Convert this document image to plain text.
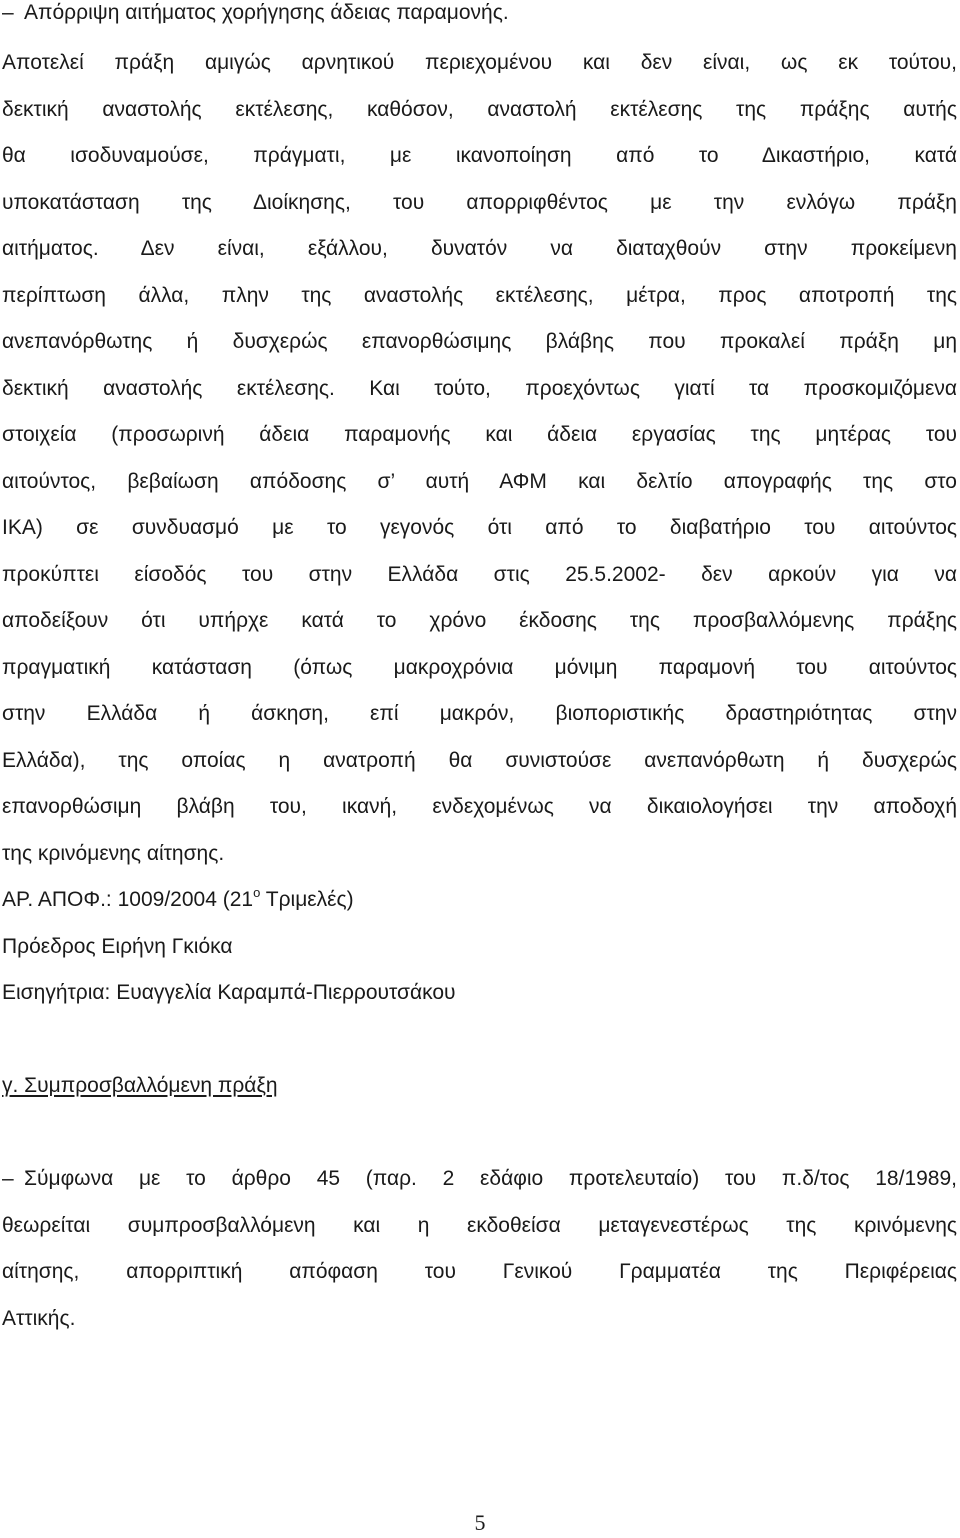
– Απόρριψη αιτήματος χορήγησης άδειας παραμονής.
Αποτελεί πράξη αμιγώς αρνητικού περιεχομένου και δεν είναι, ως εκ τούτου,
δεκτική αναστολής εκτέλεσης, καθόσον, αναστολή εκτέλεσης της πράξης αυτής
θα ισοδυναμούσε, πράγματι, με ικανοποίηση από το Δικαστήριο, κατά
υποκατάσταση της Διοίκησης, του απορριφθέντος με την ενλόγω πράξη
αιτήματος. Δεν είναι, εξάλλου, δυνατόν να διαταχθούν στην προκείμενη
περίπτωση άλλα, πλην της αναστολής εκτέλεσης, μέτρα, προς αποτροπή της
ανεπανόρθωτης ή δυσχερώς επανορθώσιμης βλάβης που προκαλεί πράξη μη
δεκτική αναστολής εκτέλεσης. Και τούτο, προεχόντως γιατί τα προσκομιζόμενα
στοιχεία (προσωρινή άδεια παραμονής και άδεια εργασίας της μητέρας του
αιτούντος, βεβαίωση απόδοσης σ’ αυτή ΑΦΜ και δελτίο απογραφής της στο
ΙΚΑ) σε συνδυασμό με το γεγονός ότι από το διαβατήριο του αιτούντος
προκύπτει είσοδός του στην Ελλάδα στις 25.5.2002- δεν αρκούν για να
αποδείξουν ότι υπήρχε κατά το χρόνο έκδοσης της προσβαλλόμενης πράξης
πραγματική κατάσταση (όπως μακροχρόνια μόνιμη παραμονή του αιτούντος
στην Ελλάδα ή άσκηση, επί μακρόν, βιοποριστικής δραστηριότητας στην
Ελλάδα), της οποίας η ανατροπή θα συνιστούσε ανεπανόρθωτη ή δυσχερώς
επανορθώσιμη βλάβη του, ικανή, ενδεχομένως να δικαιολογήσει την αποδοχή
της κρινόμενης αίτησης.
ΑΡ. ΑΠΟΦ.: 1009/2004 ($21^o$ Τριμελές)
Πρόεδρος Ειρήνη Γκιόκα
Εισηγήτρια: Ευαγγελία Καραμπά-Πιερρουτσάκου
γ. Συμπροσβαλλόμενη πράξη
– Σύμφωνα με το άρθρο 45 (παρ. 2 εδάφιο προτελευταίο) του π.δ/τος 18/1989,
θεωρείται συμπροσβαλλόμενη και η εκδοθείσα μεταγενεστέρως της κρινόμενης
αίτησης, απορριπτική απόφαση του Γενικού Γραμματέα της Περιφέρειας
Αττικής.
5
